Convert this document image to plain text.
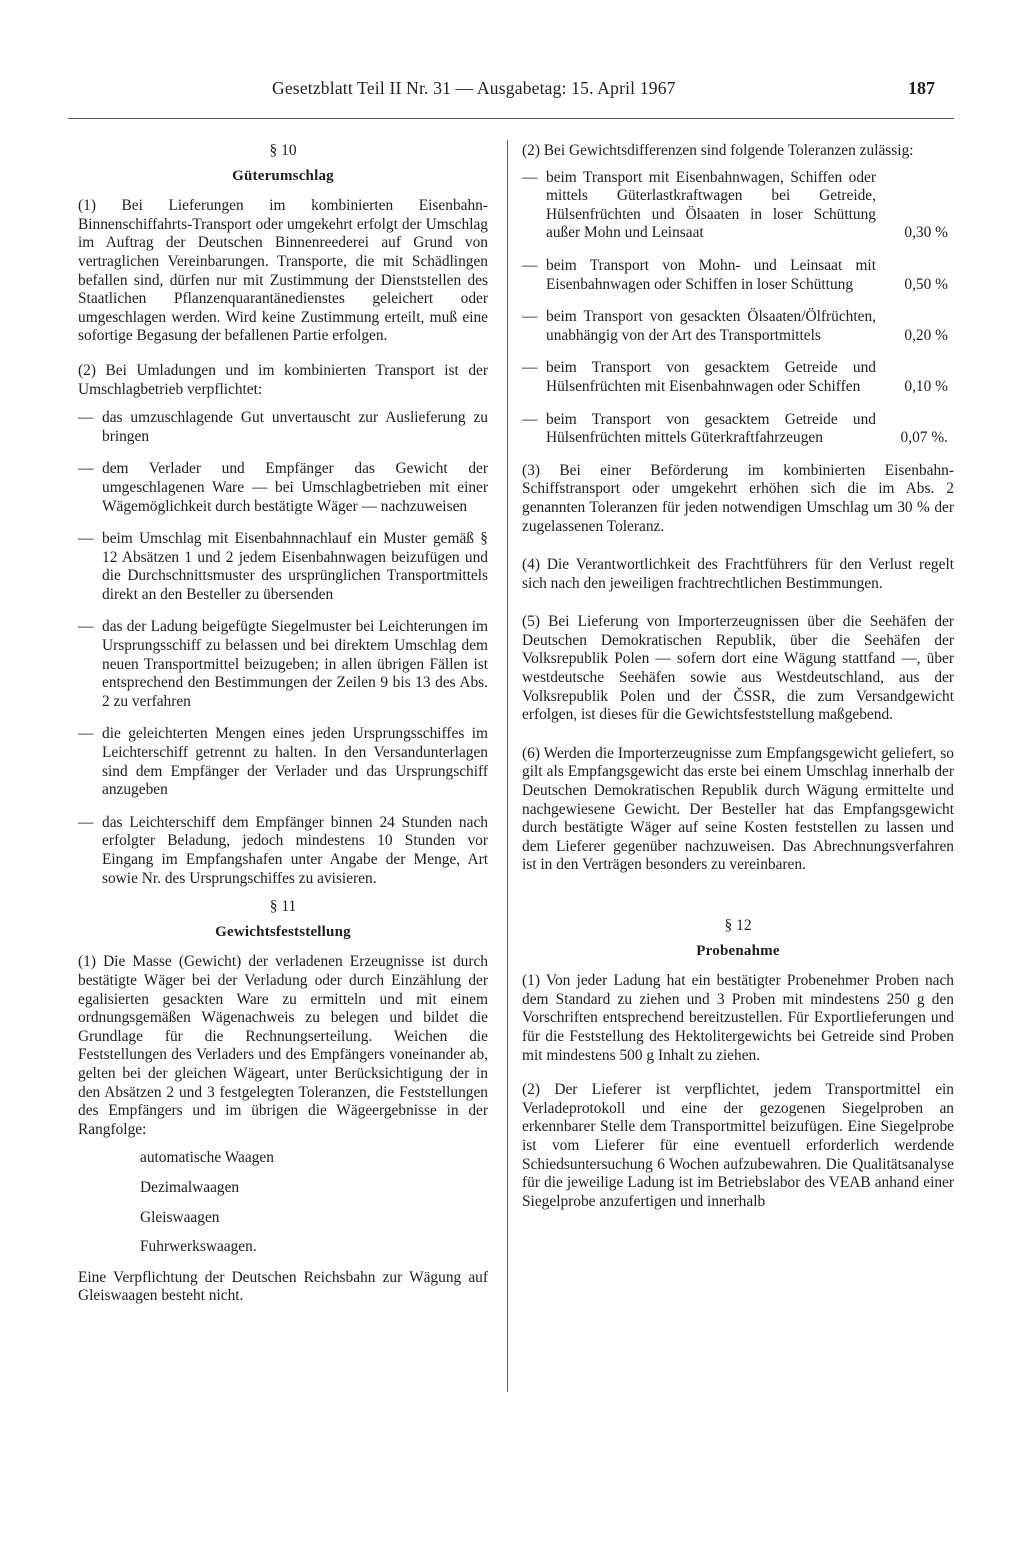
Gesetzblatt Teil II Nr. 31 — Ausgabetag: 15. April 1967	187
§ 10
Güterumschlag

(1) Bei Lieferungen im kombinierten Eisenbahn-Binnenschiffahrts-Transport oder umgekehrt erfolgt der Umschlag im Auftrag der Deutschen Binnenreederei auf Grund von vertraglichen Vereinbarungen. Transporte, die mit Schädlingen befallen sind, dürfen nur mit Zustimmung der Dienststellen des Staatlichen Pflanzenquarantänedienstes geleichert oder umgeschlagen werden. Wird keine Zustimmung erteilt, muß eine sofortige Begasung der befallenen Partie erfolgen.

(2) Bei Umladungen und im kombinierten Transport ist der Umschlagbetrieb verpflichtet:

— das umzuschlagende Gut unvertauscht zur Auslieferung zu bringen
— dem Verlader und Empfänger das Gewicht der umgeschlagenen Ware — bei Umschlagbetrieben mit einer Wägemöglichkeit durch bestätigte Wäger — nachzuweisen
— beim Umschlag mit Eisenbahnnachlauf ein Muster gemäß § 12 Absätzen 1 und 2 jedem Eisenbahnwagen beizufügen und die Durchschnittsmuster des ursprünglichen Transportmittels direkt an den Besteller zu übersenden
— das der Ladung beigefügte Siegelmuster bei Leichterungen im Ursprungsschiff zu belassen und bei direktem Umschlag dem neuen Transportmittel beizugeben; in allen übrigen Fällen ist entsprechend den Bestimmungen der Zeilen 9 bis 13 des Abs. 2 zu verfahren
— die geleichterten Mengen eines jeden Ursprungsschiffes im Leichterschiff getrennt zu halten. In den Versandunterlagen sind dem Empfänger der Verlader und das Ursprungschiff anzugeben
— das Leichterschiff dem Empfänger binnen 24 Stunden nach erfolgter Beladung, jedoch mindestens 10 Stunden vor Eingang im Empfangshafen unter Angabe der Menge, Art sowie Nr. des Ursprungschiffes zu avisieren.
§ 11
Gewichtsfeststellung

(1) Die Masse (Gewicht) der verladenen Erzeugnisse ist durch bestätigte Wäger bei der Verladung oder durch Einzählung der egalisierten gesackten Ware zu ermitteln und mit einem ordnungsgemäßen Wägenachweis zu belegen und bildet die Grundlage für die Rechnungserteilung. Weichen die Feststellungen des Verladers und des Empfängers voneinander ab, gelten bei der gleichen Wägeart, unter Berücksichtigung der in den Absätzen 2 und 3 festgelegten Toleranzen, die Feststellungen des Empfängers und im übrigen die Wägeergebnisse in der Rangfolge:

automatische Waagen
Dezimalwaagen
Gleiswaagen
Fuhrwerkswaagen.

Eine Verpflichtung der Deutschen Reichsbahn zur Wägung auf Gleiswaagen besteht nicht.

(2) Bei Gewichtsdifferenzen sind folgende Toleranzen zulässig:

— beim Transport mit Eisenbahnwagen, Schiffen oder mittels Güterlastkraftwagen bei Getreide, Hülsenfrüchten und Ölsaaten in loser Schüttung außer Mohn und Leinsaat	0,30 %
— beim Transport von Mohn- und Leinsaat mit Eisenbahnwagen oder Schiffen in loser Schüttung	0,50 %
— beim Transport von gesackten Ölsaaten/Ölfrüchten, unabhängig von der Art des Transportmittels	0,20 %
— beim Transport von gesacktem Getreide und Hülsenfrüchten mit Eisenbahnwagen oder Schiffen	0,10 %
— beim Transport von gesacktem Getreide und Hülsenfrüchten mittels Güterkraftfahrzeugen	0,07 %.

(3) Bei einer Beförderung im kombinierten Eisenbahn-Schiffstransport oder umgekehrt erhöhen sich die im Abs. 2 genannten Toleranzen für jeden notwendigen Umschlag um 30 % der zugelassenen Toleranz.

(4) Die Verantwortlichkeit des Frachtführers für den Verlust regelt sich nach den jeweiligen frachtrechtlichen Bestimmungen.

(5) Bei Lieferung von Importerzeugnissen über die Seehäfen der Deutschen Demokratischen Republik, über die Seehäfen der Volksrepublik Polen — sofern dort eine Wägung stattfand —, über westdeutsche Seehäfen sowie aus Westdeutschland, aus der Volksrepublik Polen und der ČSSR, die zum Versandgewicht erfolgen, ist dieses für die Gewichtsfeststellung maßgebend.

(6) Werden die Importerzeugnisse zum Empfangsgewicht geliefert, so gilt als Empfangsgewicht das erste bei einem Umschlag innerhalb der Deutschen Demokratischen Republik durch Wägung ermittelte und nachgewiesene Gewicht. Der Besteller hat das Empfangsgewicht durch bestätigte Wäger auf seine Kosten feststellen zu lassen und dem Lieferer gegenüber nachzuweisen. Das Abrechnungsverfahren ist in den Verträgen besonders zu vereinbaren.

§ 12
Probenahme

(1) Von jeder Ladung hat ein bestätigter Probenehmer Proben nach dem Standard zu ziehen und 3 Proben mit mindestens 250 g den Vorschriften entsprechend bereitzustellen. Für Exportlieferungen und für die Feststellung des Hektolitergewichts bei Getreide sind Proben mit mindestens 500 g Inhalt zu ziehen.

(2) Der Lieferer ist verpflichtet, jedem Transportmittel ein Verladeprotokoll und eine der gezogenen Siegelproben an erkennbarer Stelle dem Transportmittel beizufügen. Eine Siegelprobe ist vom Lieferer für eine eventuell erforderlich werdende Schiedsuntersuchung 6 Wochen aufzubewahren. Die Qualitätsanalyse für die jeweilige Ladung ist im Betriebslabor des VEAB anhand einer Siegelprobe anzufertigen und innerhalb
